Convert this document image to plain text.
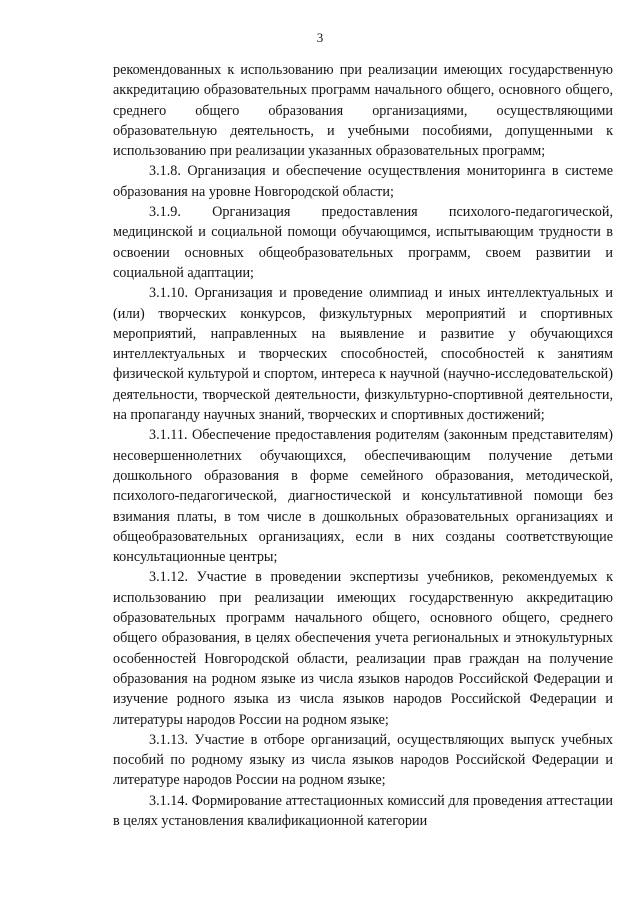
3

рекомендованных к использованию при реализации имеющих государственную аккредитацию образовательных программ начального общего, основного общего, среднего общего образования организациями, осуществляющими образовательную деятельность, и учебными пособиями, допущенными к использованию при реализации указанных образовательных программ;

3.1.8. Организация и обеспечение осуществления мониторинга в системе образования на уровне Новгородской области;

3.1.9. Организация предоставления психолого-педагогической, медицинской и социальной помощи обучающимся, испытывающим трудности в освоении основных общеобразовательных программ, своем развитии и социальной адаптации;

3.1.10. Организация и проведение олимпиад и иных интеллектуальных и (или) творческих конкурсов, физкультурных мероприятий и спортивных мероприятий, направленных на выявление и развитие у обучающихся интеллектуальных и творческих способностей, способностей к занятиям физической культурой и спортом, интереса к научной (научно-исследовательской) деятельности, творческой деятельности, физкультурно-спортивной деятельности, на пропаганду научных знаний, творческих и спортивных достижений;

3.1.11. Обеспечение предоставления родителям (законным представителям) несовершеннолетних обучающихся, обеспечивающим получение детьми дошкольного образования в форме семейного образования, методической, психолого-педагогической, диагностической и консультативной помощи без взимания платы, в том числе в дошкольных образовательных организациях и общеобразовательных организациях, если в них созданы соответствующие консультационные центры;

3.1.12. Участие в проведении экспертизы учебников, рекомендуемых к использованию при реализации имеющих государственную аккредитацию образовательных программ начального общего, основного общего, среднего общего образования, в целях обеспечения учета региональных и этнокультурных особенностей Новгородской области, реализации прав граждан на получение образования на родном языке из числа языков народов Российской Федерации и изучение родного языка из числа языков народов Российской Федерации и литературы народов России на родном языке;

3.1.13. Участие в отборе организаций, осуществляющих выпуск учебных пособий по родному языку из числа языков народов Российской Федерации и литературе народов России на родном языке;

3.1.14. Формирование аттестационных комиссий для проведения аттестации в целях установления квалификационной категории
